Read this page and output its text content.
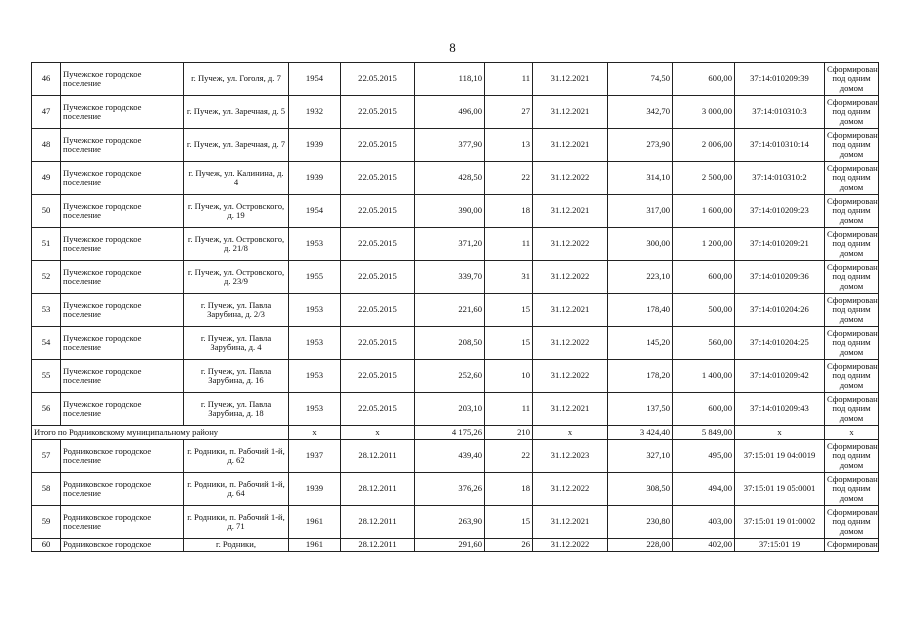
8
46	Пучежское городское поселение	г. Пучеж, ул. Гоголя, д. 7	1954	22.05.2015	118,10	11	31.12.2021	74,50	600,00	37:14:010209:39	Сформирован под одним домом
47	Пучежское городское поселение	г. Пучеж, ул. Заречная, д. 5	1932	22.05.2015	496,00	27	31.12.2021	342,70	3 000,00	37:14:010310:3	Сформирован под одним домом
48	Пучежское городское поселение	г. Пучеж, ул. Заречная, д. 7	1939	22.05.2015	377,90	13	31.12.2021	273,90	2 006,00	37:14:010310:14	Сформирован под одним домом
49	Пучежское городское поселение	г. Пучеж, ул. Калинина, д. 4	1939	22.05.2015	428,50	22	31.12.2022	314,10	2 500,00	37:14:010310:2	Сформирован под одним домом
50	Пучежское городское поселение	г. Пучеж, ул. Островского, д. 19	1954	22.05.2015	390,00	18	31.12.2021	317,00	1 600,00	37:14:010209:23	Сформирован под одним домом
51	Пучежское городское поселение	г. Пучеж, ул. Островского, д. 21/8	1953	22.05.2015	371,20	11	31.12.2022	300,00	1 200,00	37:14:010209:21	Сформирован под одним домом
52	Пучежское городское поселение	г. Пучеж, ул. Островского, д. 23/9	1955	22.05.2015	339,70	31	31.12.2022	223,10	600,00	37:14:010209:36	Сформирован под одним домом
53	Пучежское городское поселение	г. Пучеж, ул. Павла Зарубина, д. 2/3	1953	22.05.2015	221,60	15	31.12.2021	178,40	500,00	37:14:010204:26	Сформирован под одним домом
54	Пучежское городское поселение	г. Пучеж, ул. Павла Зарубина, д. 4	1953	22.05.2015	208,50	15	31.12.2022	145,20	560,00	37:14:010204:25	Сформирован под одним домом
55	Пучежское городское поселение	г. Пучеж, ул. Павла Зарубина, д. 16	1953	22.05.2015	252,60	10	31.12.2022	178,20	1 400,00	37:14:010209:42	Сформирован под одним домом
56	Пучежское городское поселение	г. Пучеж, ул. Павла Зарубина, д. 18	1953	22.05.2015	203,10	11	31.12.2021	137,50	600,00	37:14:010209:43	Сформирован под одним домом
Итого по Родниковскому муниципальному району			x	x	4 175,26	210	x	3 424,40	5 849,00	x	x
57	Родниковское городское поселение	г. Родники, п. Рабочий 1-й, д. 62	1937	28.12.2011	439,40	22	31.12.2023	327,10	495,00	37:15:01 19 04:0019	Сформирован под одним домом
58	Родниковское городское поселение	г. Родники, п. Рабочий 1-й, д. 64	1939	28.12.2011	376,26	18	31.12.2022	308,50	494,00	37:15:01 19 05:0001	Сформирован под одним домом
59	Родниковское городское поселение	г. Родники, п. Рабочий 1-й, д. 71	1961	28.12.2011	263,90	15	31.12.2021	230,80	403,00	37:15:01 19 01:0002	Сформирован под одним домом
60	Родниковское городское	г. Родники,	1961	28.12.2011	291,60	26	31.12.2022	228,00	402,00	37:15:01 19	Сформирован
